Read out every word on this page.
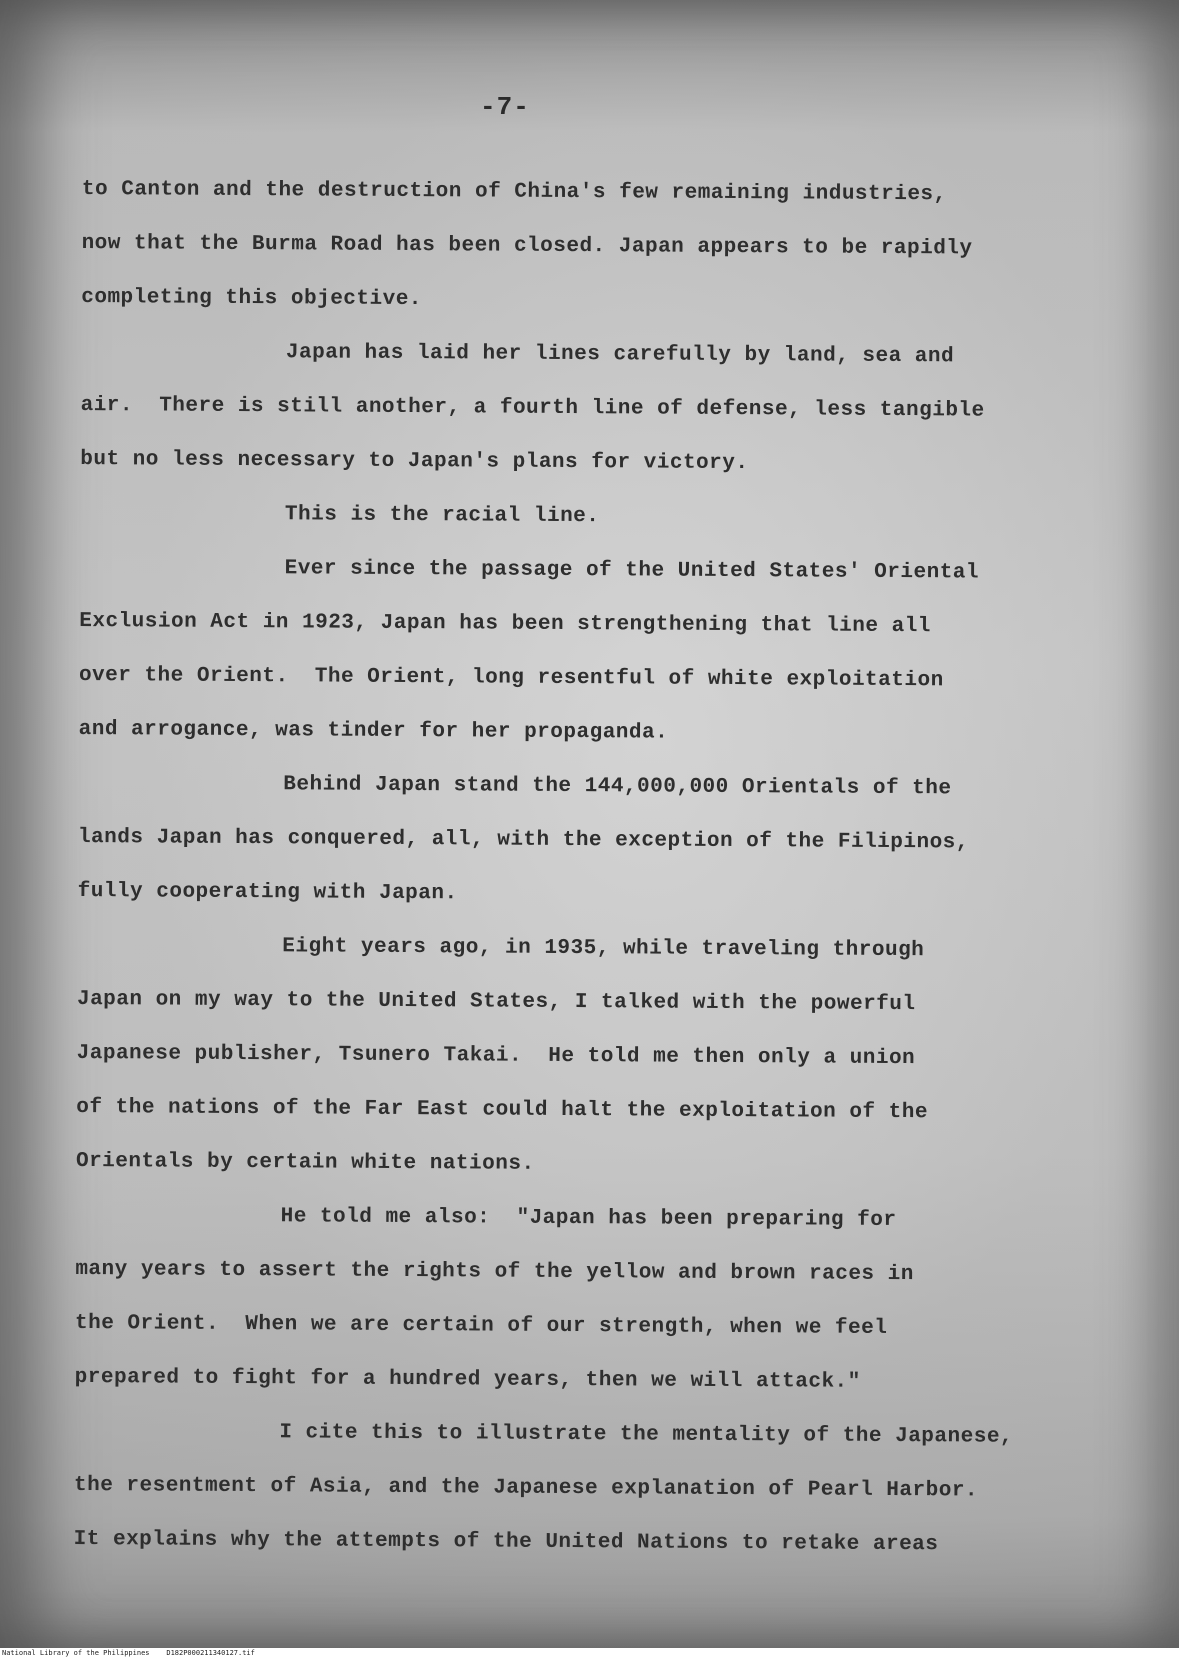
-7-
to Canton and the destruction of China's few remaining industries,
now that the Burma Road has been closed. Japan appears to be rapidly
completing this objective.
Japan has laid her lines carefully by land, sea and
air.  There is still another, a fourth line of defense, less tangible
but no less necessary to Japan's plans for victory.
This is the racial line.
Ever since the passage of the United States' Oriental
Exclusion Act in 1923, Japan has been strengthening that line all
over the Orient.  The Orient, long resentful of white exploitation
and arrogance, was tinder for her propaganda.
Behind Japan stand the 144,000,000 Orientals of the
lands Japan has conquered, all, with the exception of the Filipinos,
fully cooperating with Japan.
Eight years ago, in 1935, while traveling through
Japan on my way to the United States, I talked with the powerful
Japanese publisher, Tsunero Takai.  He told me then only a union
of the nations of the Far East could halt the exploitation of the
Orientals by certain white nations.
He told me also:  "Japan has been preparing for
many years to assert the rights of the yellow and brown races in
the Orient.  When we are certain of our strength, when we feel
prepared to fight for a hundred years, then we will attack."
I cite this to illustrate the mentality of the Japanese,
the resentment of Asia, and the Japanese explanation of Pearl Harbor.
It explains why the attempts of the United Nations to retake areas
National Library of the Philippines    D182P000211340127.tif
